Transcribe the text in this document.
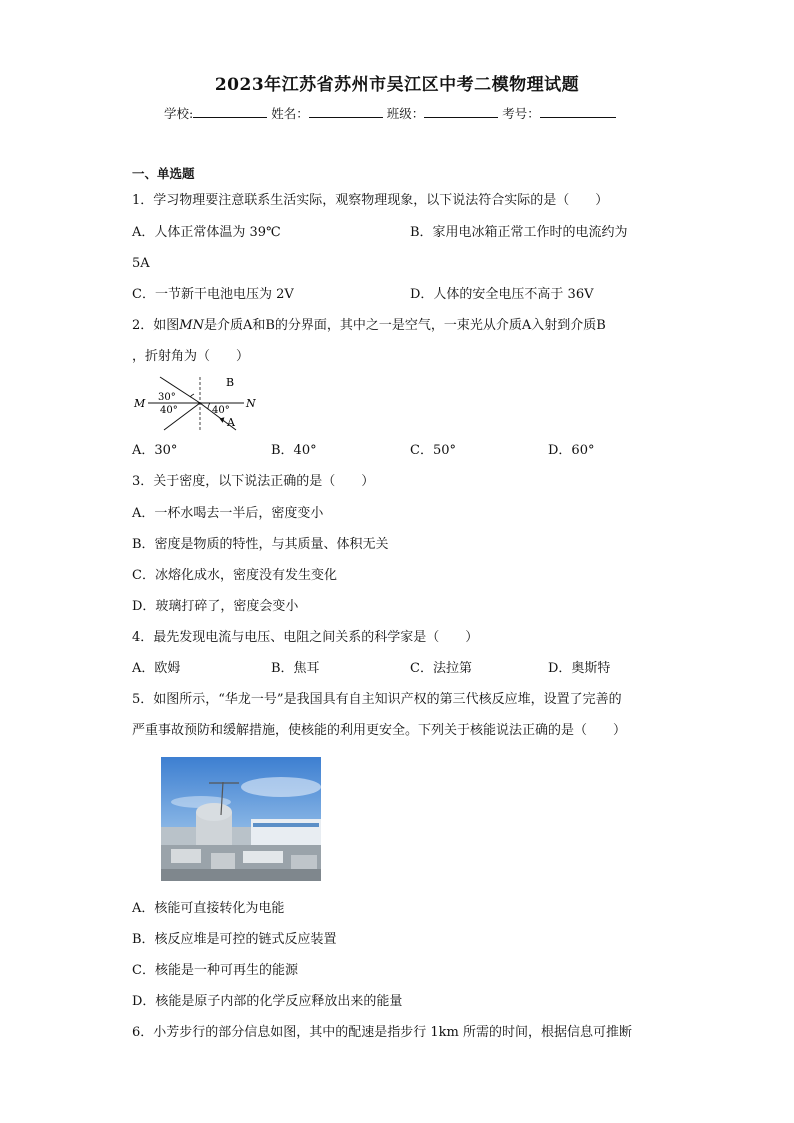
2023年江苏省苏州市吴江区中考二模物理试题
学校:	姓名：	班级：	考号：
一、单选题
1．学习物理要注意联系生活实际，观察物理现象，以下说法符合实际的是（　　）
A．人体正常体温为 39℃	B．家用电冰箱正常工作时的电流约为
5A
C．一节新干电池电压为 2V	D．人体的安全电压不高于 36V
2．如图MN是介质A和B的分界面，其中之一是空气，一束光从介质A入射到介质B
，折射角为（　　）
M	N
B
A
30°
40°	40°
A．30°	B．40°	C．50°	D．60°
3．关于密度，以下说法正确的是（　　）
A．一杯水喝去一半后，密度变小
B．密度是物质的特性，与其质量、体积无关
C．冰熔化成水，密度没有发生变化
D．玻璃打碎了，密度会变小
4．最先发现电流与电压、电阻之间关系的科学家是（　　）
A．欧姆	B．焦耳	C．法拉第	D．奥斯特
5．如图所示，“华龙一号”是我国具有自主知识产权的第三代核反应堆，设置了完善的
严重事故预防和缓解措施，使核能的利用更安全。下列关于核能说法正确的是（　　）
A．核能可直接转化为电能
B．核反应堆是可控的链式反应装置
C．核能是一种可再生的能源
D．核能是原子内部的化学反应释放出来的能量
6．小芳步行的部分信息如图，其中的配速是指步行 1km 所需的时间，根据信息可推断
